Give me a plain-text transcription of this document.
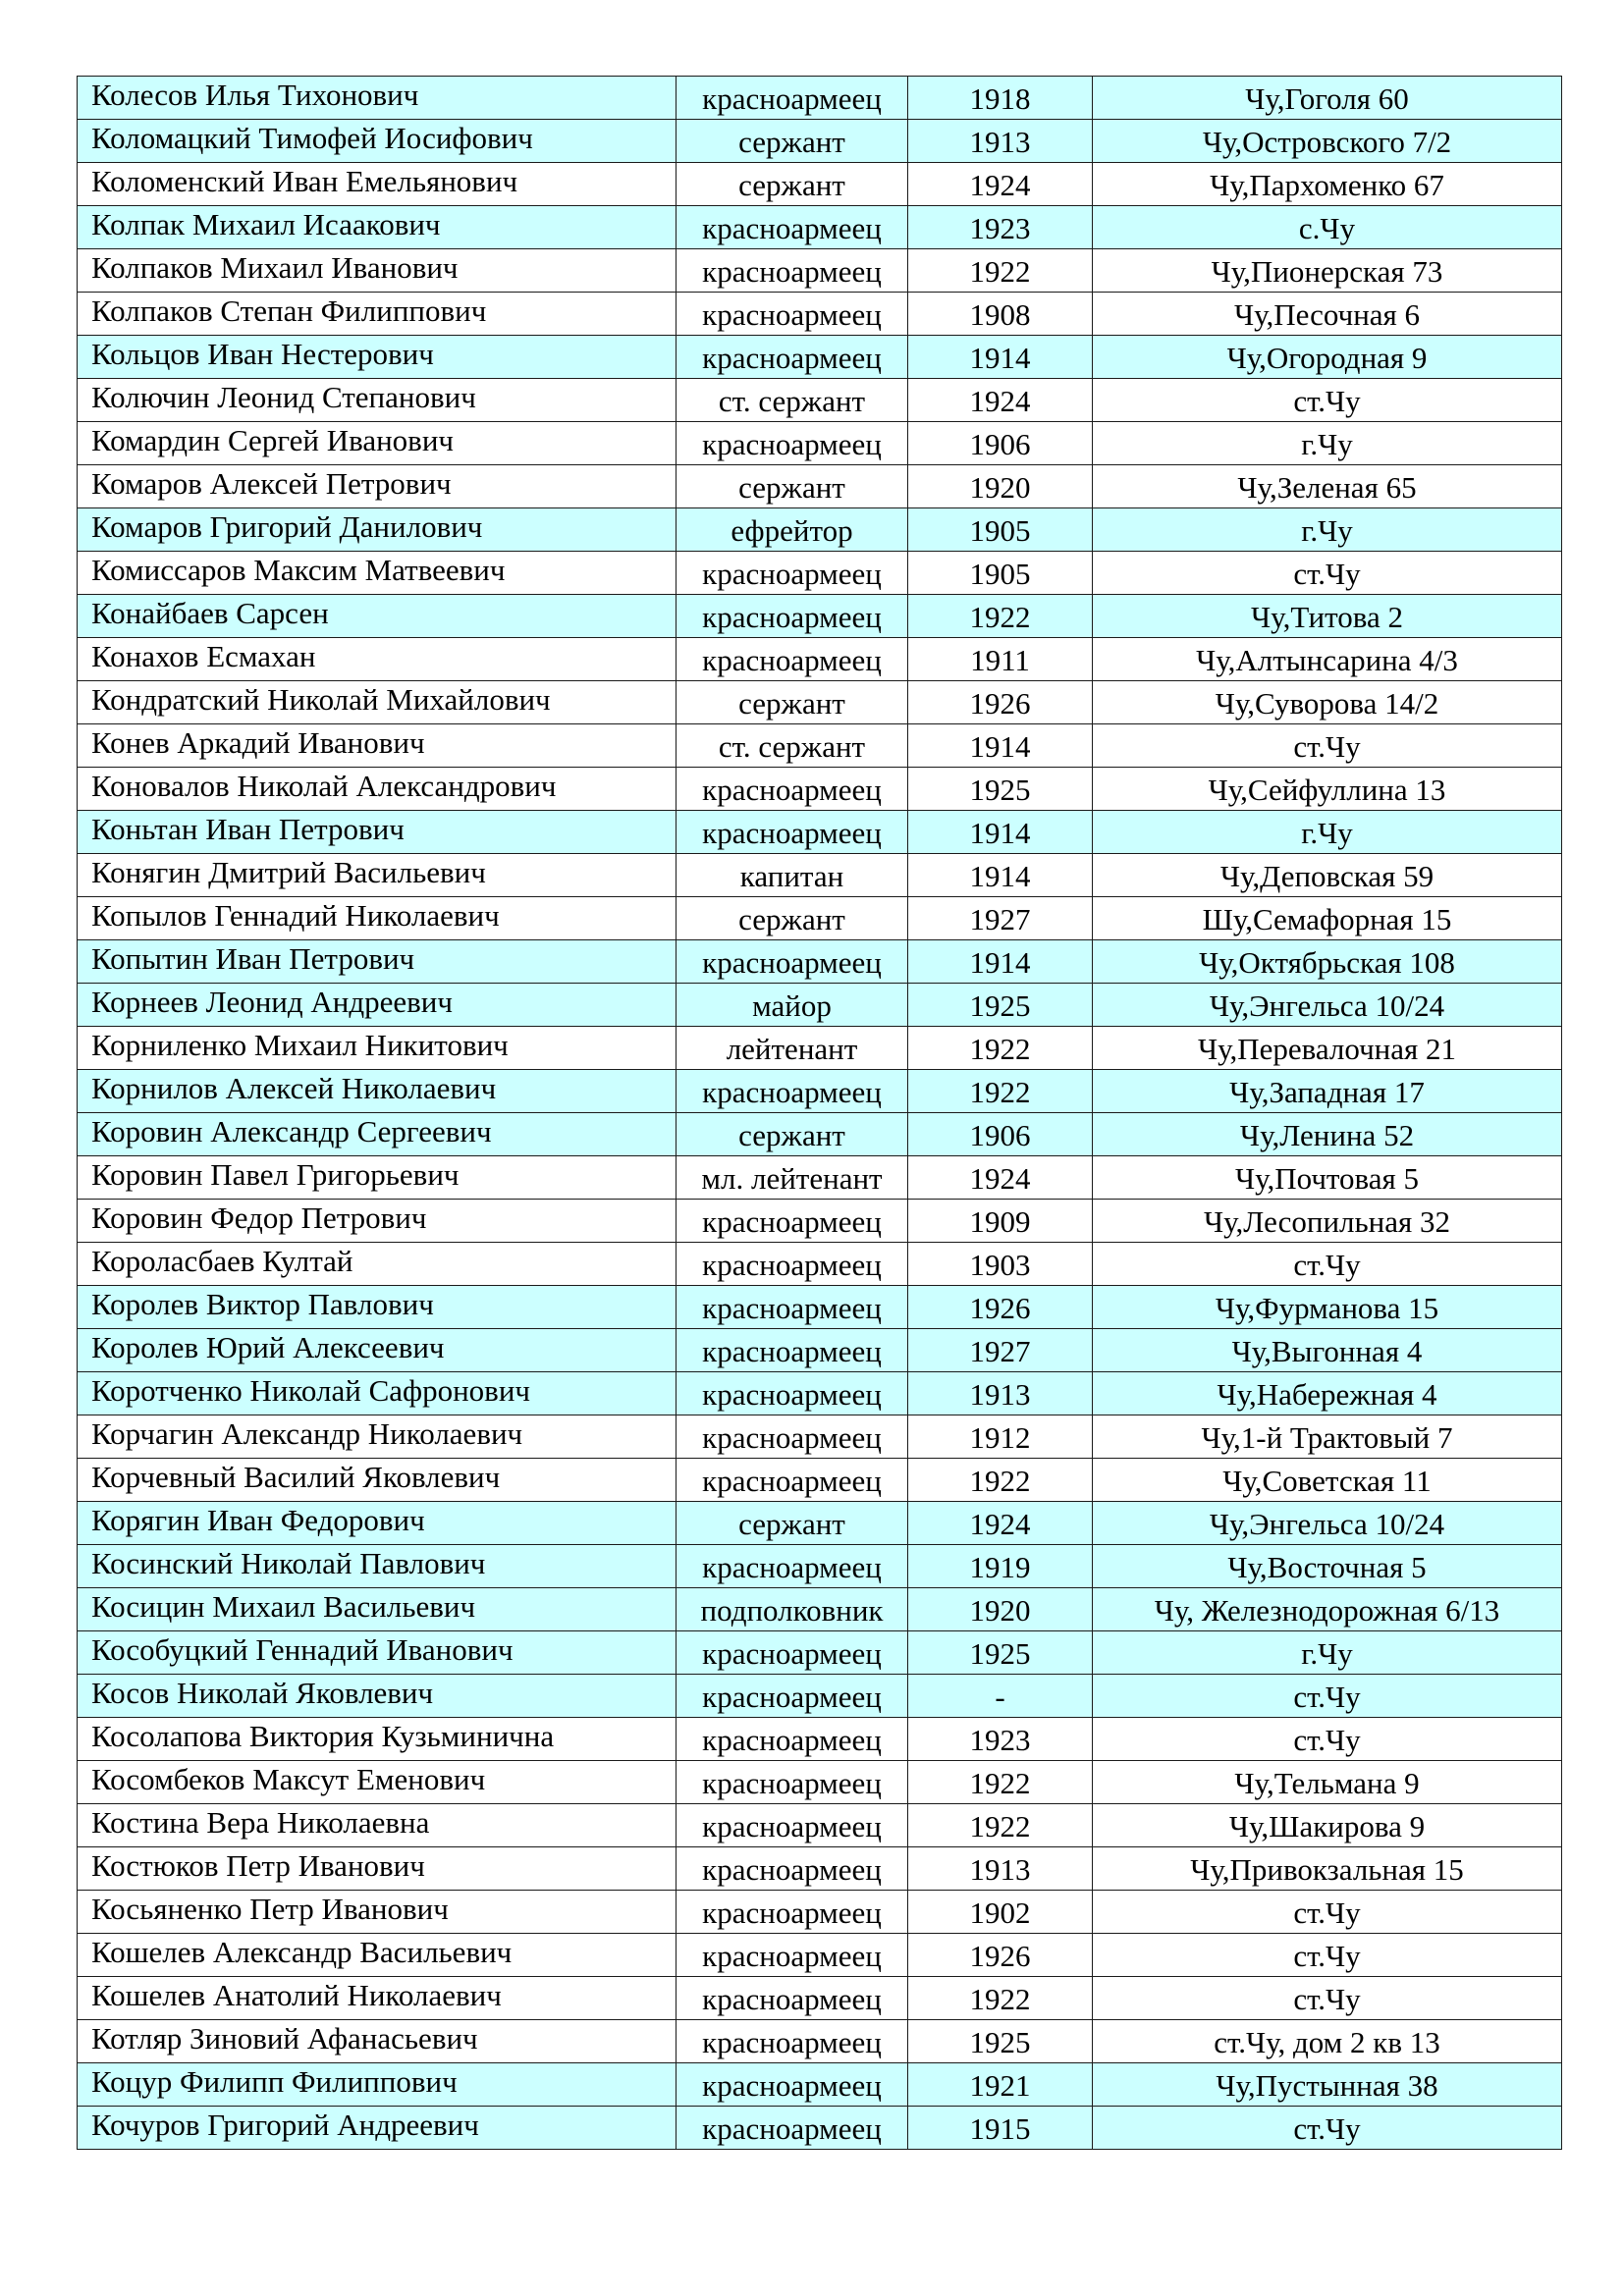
Колесов Илья Тихонович	красноармеец	1918	Чу,Гоголя 60
Коломацкий Тимофей Иосифович	сержант	1913	Чу,Островского 7/2
Коломенский Иван Емельянович	сержант	1924	Чу,Пархоменко 67
Колпак Михаил Исаакович	красноармеец	1923	с.Чу
Колпаков Михаил Иванович	красноармеец	1922	Чу,Пионерская 73
Колпаков Степан Филиппович	красноармеец	1908	Чу,Песочная 6
Кольцов Иван Нестерович	красноармеец	1914	Чу,Огородная 9
Колючин Леонид Степанович	ст. сержант	1924	ст.Чу
Комардин Сергей Иванович	красноармеец	1906	г.Чу
Комаров Алексей Петрович	сержант	1920	Чу,Зеленая 65
Комаров Григорий Данилович	ефрейтор	1905	г.Чу
Комиссаров Максим Матвеевич	красноармеец	1905	ст.Чу
Конайбаев Сарсен	красноармеец	1922	Чу,Титова 2
Конахов Есмахан	красноармеец	1911	Чу,Алтынсарина 4/3
Кондратский Николай Михайлович	сержант	1926	Чу,Суворова 14/2
Конев Аркадий Иванович	ст. сержант	1914	ст.Чу
Коновалов Николай Александрович	красноармеец	1925	Чу,Сейфуллина 13
Коньтан Иван Петрович	красноармеец	1914	г.Чу
Конягин Дмитрий Васильевич	капитан	1914	Чу,Деповская 59
Копылов Геннадий Николаевич	сержант	1927	Шу,Семафорная 15
Копытин Иван Петрович	красноармеец	1914	Чу,Октябрьская 108
Корнеев Леонид Андреевич	майор	1925	Чу,Энгельса 10/24
Корниленко Михаил Никитович	лейтенант	1922	Чу,Перевалочная 21
Корнилов Алексей Николаевич	красноармеец	1922	Чу,Западная 17
Коровин Александр Сергеевич	сержант	1906	Чу,Ленина 52
Коровин Павел Григорьевич	мл. лейтенант	1924	Чу,Почтовая 5
Коровин Федор Петрович	красноармеец	1909	Чу,Лесопильная 32
Короласбаев Култай	красноармеец	1903	ст.Чу
Королев Виктор Павлович	красноармеец	1926	Чу,Фурманова 15
Королев Юрий Алексеевич	красноармеец	1927	Чу,Выгонная 4
Коротченко Николай Сафронович	красноармеец	1913	Чу,Набережная 4
Корчагин Александр Николаевич	красноармеец	1912	Чу,1-й Трактовый 7
Корчевный Василий Яковлевич	красноармеец	1922	Чу,Советская 11
Корягин Иван Федорович	сержант	1924	Чу,Энгельса 10/24
Косинский Николай Павлович	красноармеец	1919	Чу,Восточная 5
Косицин Михаил Васильевич	подполковник	1920	Чу, Железнодорожная 6/13
Кособуцкий Геннадий Иванович	красноармеец	1925	г.Чу
Косов Николай Яковлевич	красноармеец	-	ст.Чу
Косолапова Виктория Кузьминична	красноармеец	1923	ст.Чу
Косомбеков Максут Еменович	красноармеец	1922	Чу,Тельмана 9
Костина Вера Николаевна	красноармеец	1922	Чу,Шакирова 9
Костюков Петр Иванович	красноармеец	1913	Чу,Привокзальная 15
Косьяненко Петр Иванович	красноармеец	1902	ст.Чу
Кошелев Александр Васильевич	красноармеец	1926	ст.Чу
Кошелев Анатолий Николаевич	красноармеец	1922	ст.Чу
Котляр Зиновий Афанасьевич	красноармеец	1925	ст.Чу, дом 2 кв 13
Коцур Филипп Филиппович	красноармеец	1921	Чу,Пустынная 38
Кочуров Григорий Андреевич	красноармеец	1915	ст.Чу
